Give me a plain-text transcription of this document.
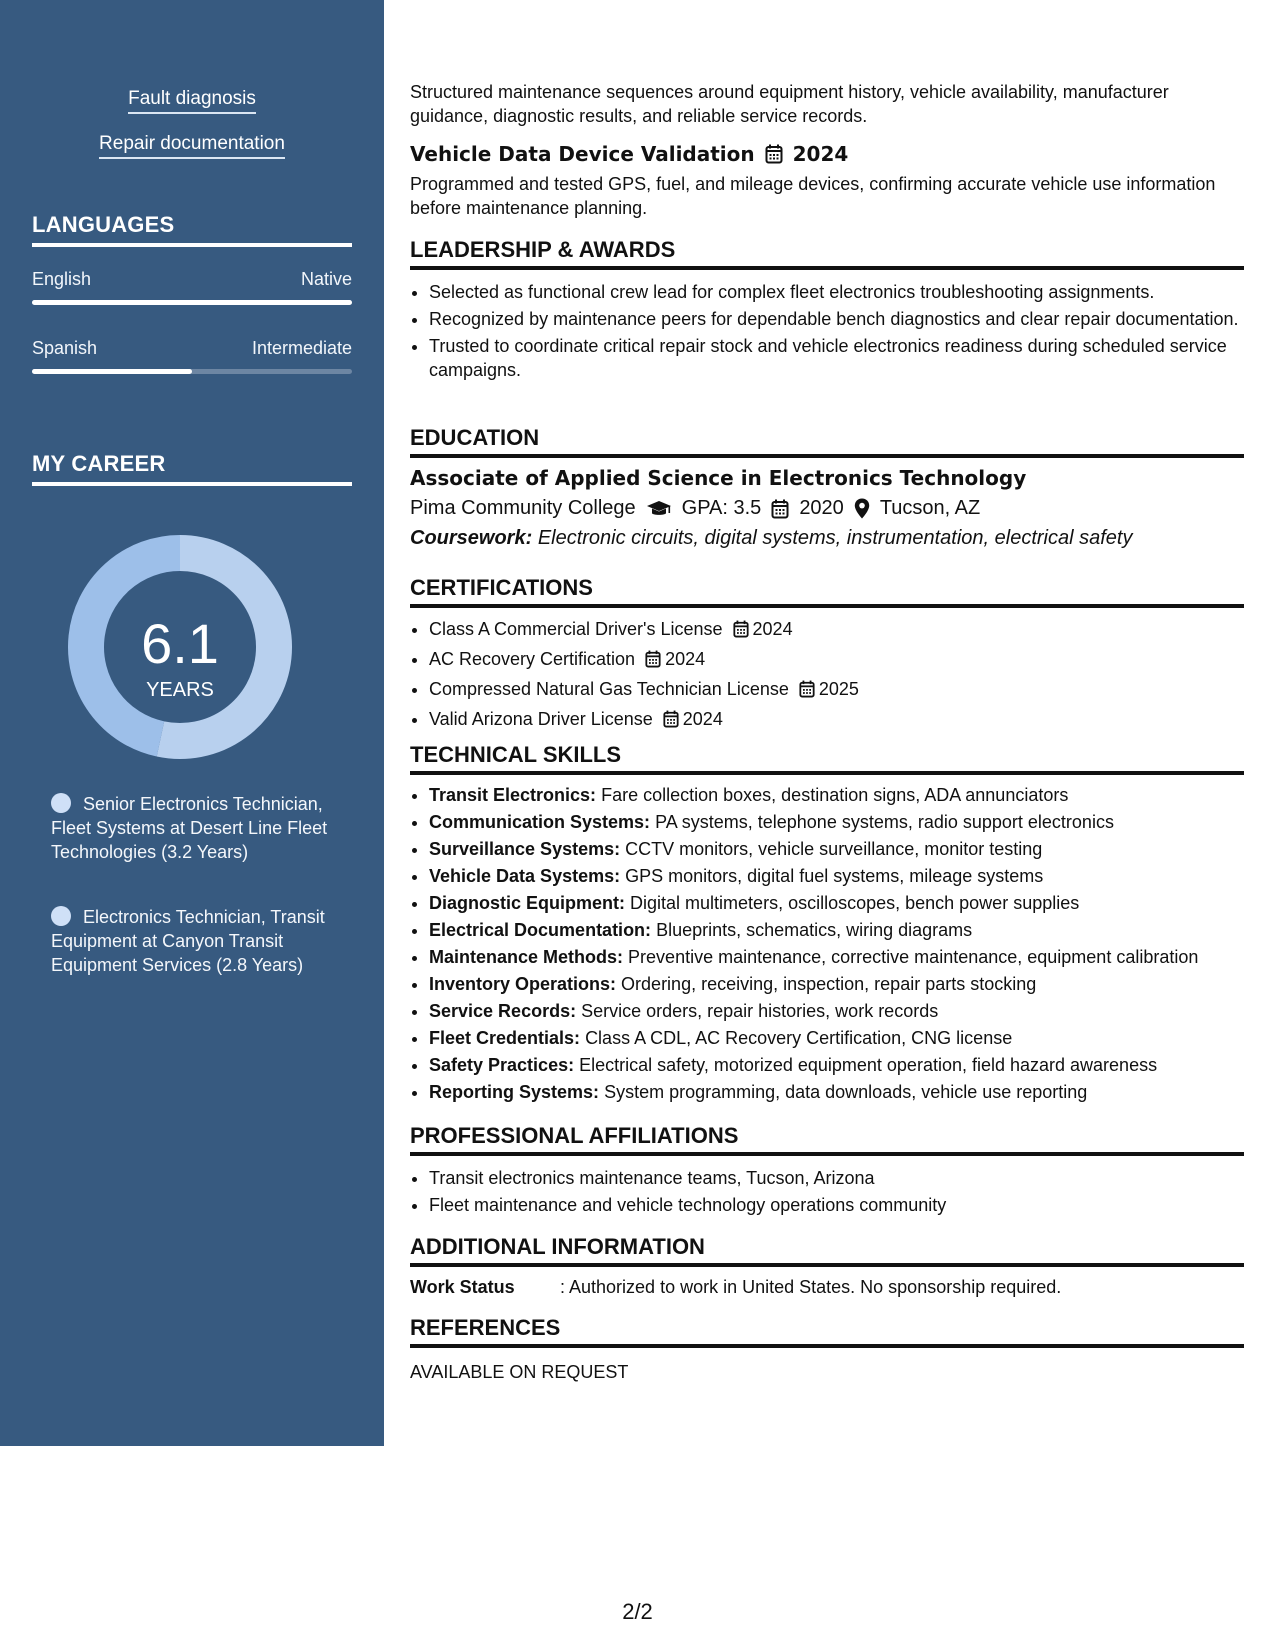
Fault diagnosis
Repair documentation
LANGUAGES
English	Native
Spanish	Intermediate
MY CAREER
6.1
YEARS
Senior Electronics Technician, Fleet Systems at Desert Line Fleet Technologies (3.2 Years)
Electronics Technician, Transit Equipment at Canyon Transit Equipment Services (2.8 Years)
Structured maintenance sequences around equipment history, vehicle availability, manufacturer guidance, diagnostic results, and reliable service records.
Vehicle Data Device Validation 2024
Programmed and tested GPS, fuel, and mileage devices, confirming accurate vehicle use information before maintenance planning.
LEADERSHIP & AWARDS
• Selected as functional crew lead for complex fleet electronics troubleshooting assignments.
• Recognized by maintenance peers for dependable bench diagnostics and clear repair documentation.
• Trusted to coordinate critical repair stock and vehicle electronics readiness during scheduled service campaigns.
EDUCATION
Associate of Applied Science in Electronics Technology
Pima Community College GPA: 3.5 2020 Tucson, AZ
Coursework: Electronic circuits, digital systems, instrumentation, electrical safety
CERTIFICATIONS
• Class A Commercial Driver's License 2024
• AC Recovery Certification 2024
• Compressed Natural Gas Technician License 2025
• Valid Arizona Driver License 2024
TECHNICAL SKILLS
• Transit Electronics: Fare collection boxes, destination signs, ADA annunciators
• Communication Systems: PA systems, telephone systems, radio support electronics
• Surveillance Systems: CCTV monitors, vehicle surveillance, monitor testing
• Vehicle Data Systems: GPS monitors, digital fuel systems, mileage systems
• Diagnostic Equipment: Digital multimeters, oscilloscopes, bench power supplies
• Electrical Documentation: Blueprints, schematics, wiring diagrams
• Maintenance Methods: Preventive maintenance, corrective maintenance, equipment calibration
• Inventory Operations: Ordering, receiving, inspection, repair parts stocking
• Service Records: Service orders, repair histories, work records
• Fleet Credentials: Class A CDL, AC Recovery Certification, CNG license
• Safety Practices: Electrical safety, motorized equipment operation, field hazard awareness
• Reporting Systems: System programming, data downloads, vehicle use reporting
PROFESSIONAL AFFILIATIONS
• Transit electronics maintenance teams, Tucson, Arizona
• Fleet maintenance and vehicle technology operations community
ADDITIONAL INFORMATION
Work Status	: Authorized to work in United States. No sponsorship required.
REFERENCES
AVAILABLE ON REQUEST
2/2
